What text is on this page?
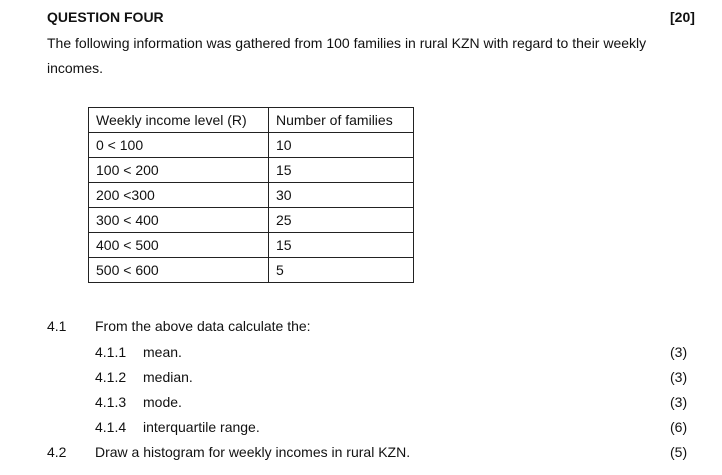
QUESTION FOUR	[20]
The following information was gathered from 100 families in rural KZN with regard to their weekly
incomes.
Weekly income level (R)	Number of families
0 < 100	10
100 < 200	15
200 <300	30
300 < 400	25
400 < 500	15
500 < 600	5
4.1 From the above data calculate the:
4.1.1 mean.	(3)
4.1.2 median.	(3)
4.1.3 mode.	(3)
4.1.4 interquartile range.	(6)
4.2 Draw a histogram for weekly incomes in rural KZN.	(5)
